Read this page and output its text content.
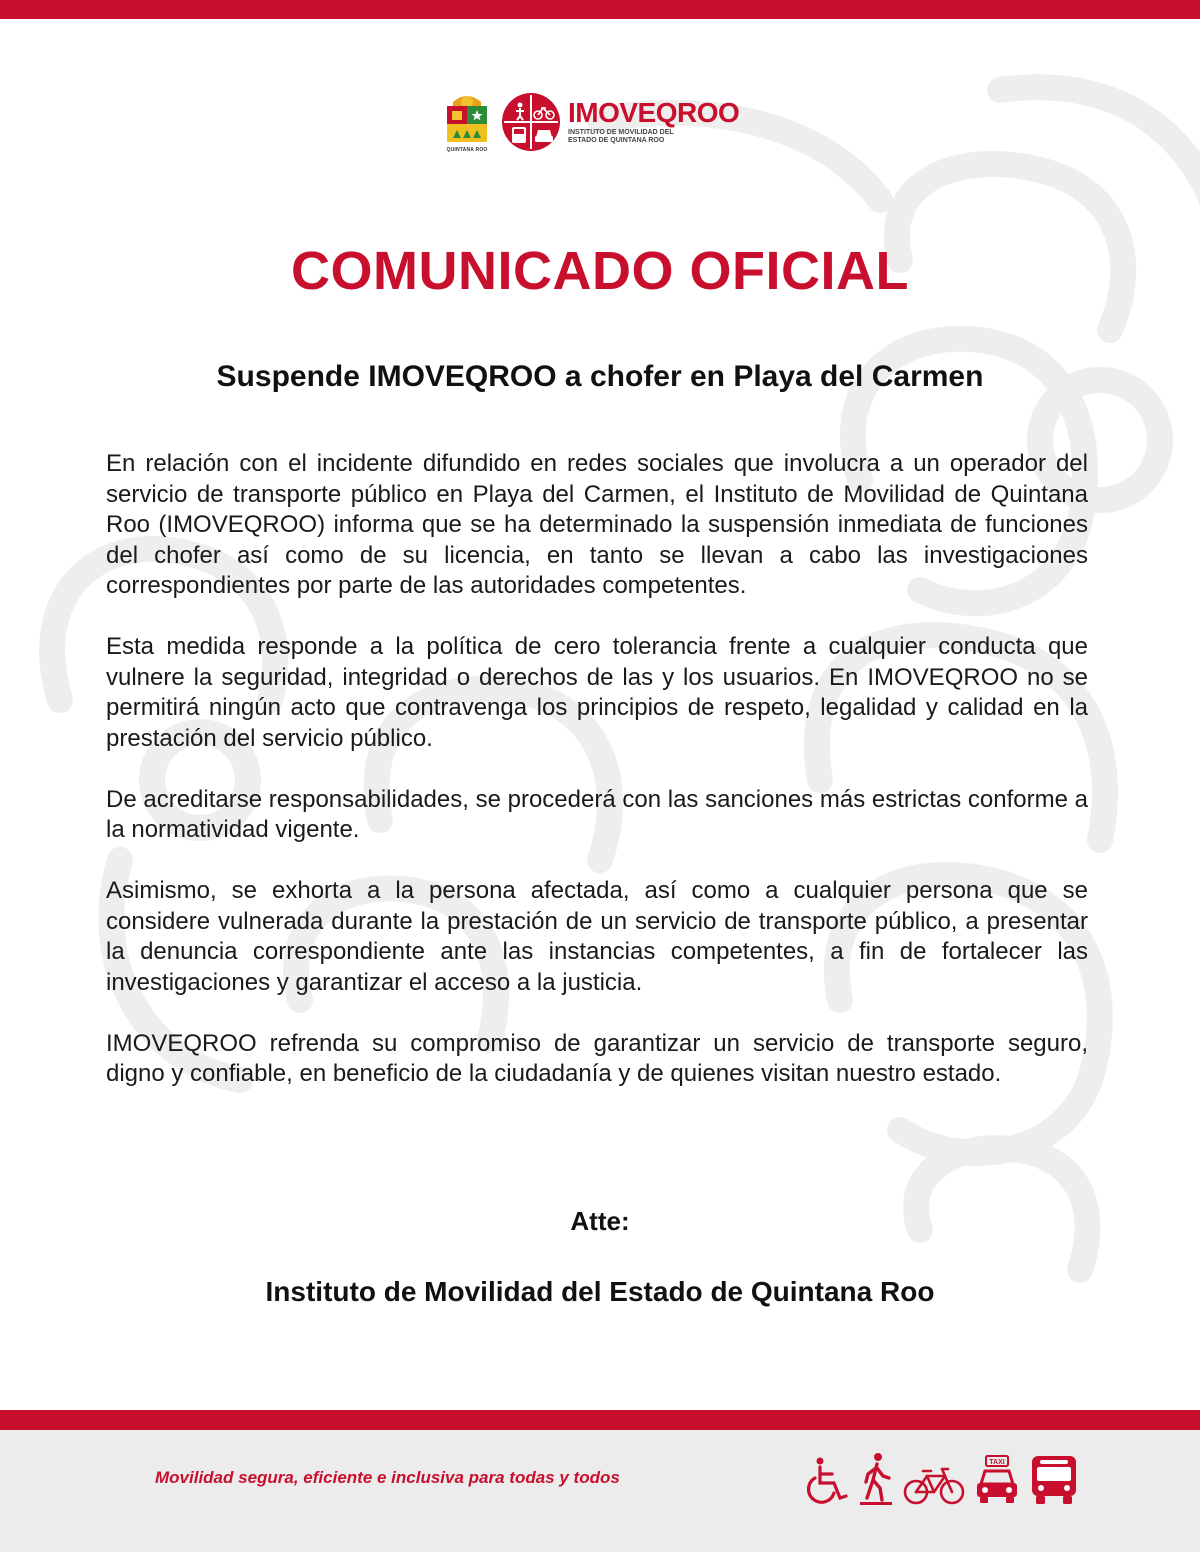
QUINTANA ROO
IMOVEQROO
INSTITUTO DE MOVILIDAD DEL ESTADO DE QUINTANA ROO
COMUNICADO OFICIAL
Suspende IMOVEQROO a chofer en Playa del Carmen

En relación con el incidente difundido en redes sociales que involucra a un operador del servicio de transporte público en Playa del Carmen, el Instituto de Movilidad de Quintana Roo (IMOVEQROO) informa que se ha determinado la suspensión inmediata de funciones del chofer así como de su licencia, en tanto se llevan a cabo las investigaciones correspondientes por parte de las autoridades competentes.

Esta medida responde a la política de cero tolerancia frente a cualquier conducta que vulnere la seguridad, integridad o derechos de las y los usuarios. En IMOVEQROO no se permitirá ningún acto que contravenga los principios de respeto, legalidad y calidad en la prestación del servicio público.

De acreditarse responsabilidades, se procederá con las sanciones más estrictas conforme a la normatividad vigente.

Asimismo, se exhorta a la persona afectada, así como a cualquier persona que se considere vulnerada durante la prestación de un servicio de transporte público, a presentar la denuncia correspondiente ante las instancias competentes, a fin de fortalecer las investigaciones y garantizar el acceso a la justicia.

IMOVEQROO refrenda su compromiso de garantizar un servicio de transporte seguro, digno y confiable, en beneficio de la ciudadanía y de quienes visitan nuestro estado.

Atte:

Instituto de Movilidad del Estado de Quintana Roo

Movilidad segura, eficiente e inclusiva para todas y todos
TAXI
